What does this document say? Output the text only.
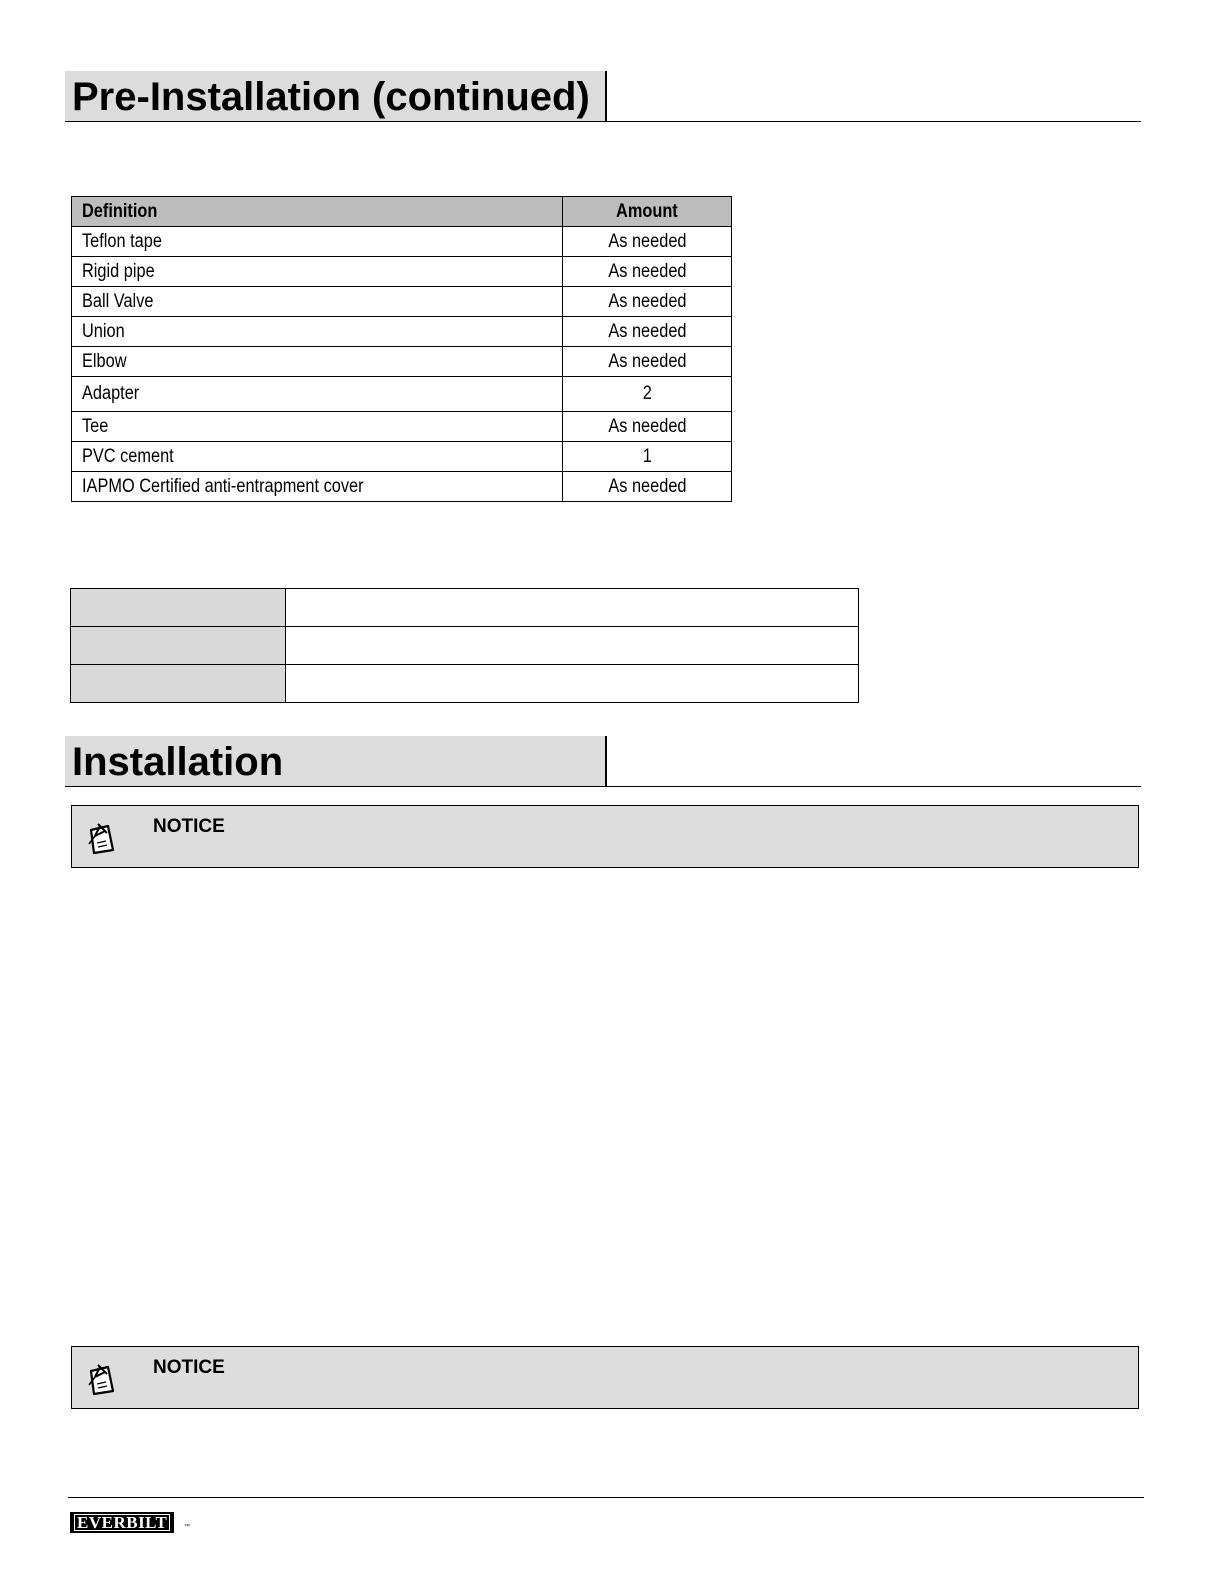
Pre-Installation (continued)
Definition	Amount
Teflon tape	As needed
Rigid pipe	As needed
Ball Valve	As needed
Union	As needed
Elbow	As needed
Adapter	2
Tee	As needed
PVC cement	1
IAPMO Certified anti-entrapment cover	As needed

Installation
NOTICE
NOTICE
EVERBILT	™
